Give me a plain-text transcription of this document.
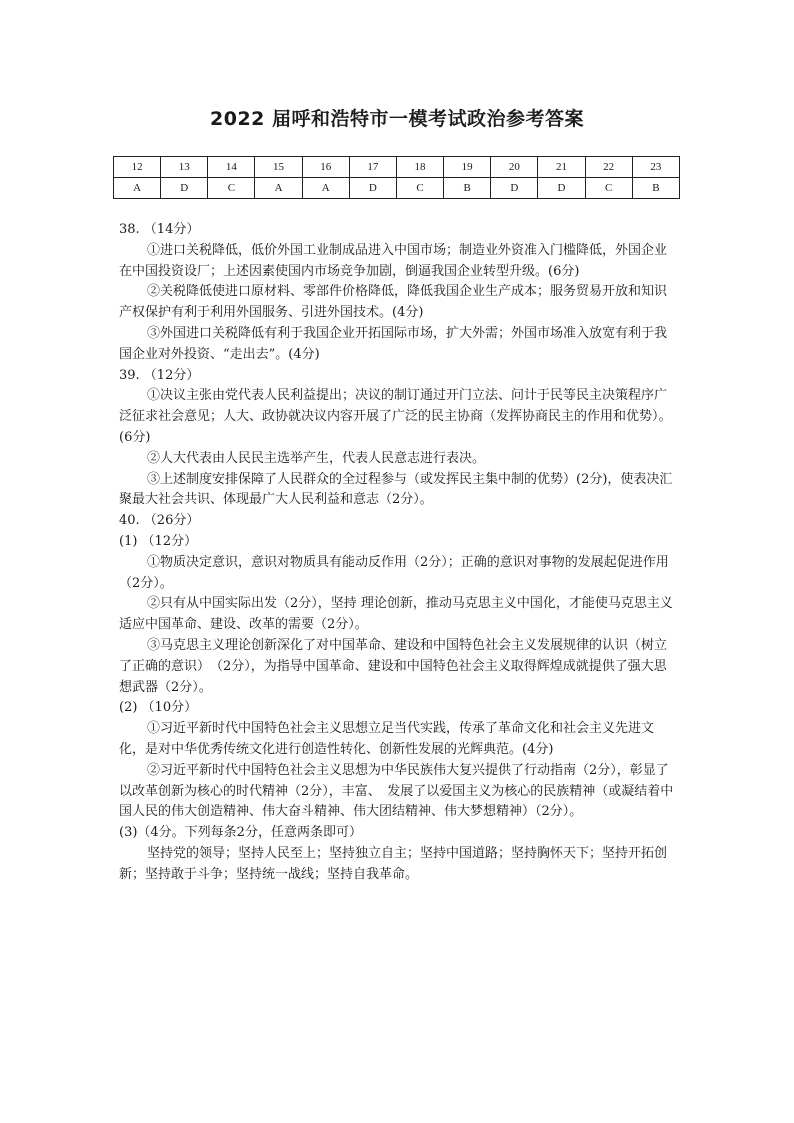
2022 届呼和浩特市一模考试政治参考答案
12	13	14	15	16	17	18	19	20	21	22	23
A	D	C	A	A	D	C	B	D	D	C	B

38. （14分）

①进口关税降低，低价外国工业制成品进入中国市场；制造业外资准入门槛降低，外国企业在中国投资设厂；上述因素使国内市场竞争加剧，倒逼我国企业转型升级。(6分)

②关税降低使进口原材料、零部件价格降低，降低我国企业生产成本；服务贸易开放和知识产权保护有利于利用外国服务、引进外国技术。(4分)

③外国进口关税降低有利于我国企业开拓国际市场，扩大外需；外国市场准入放宽有利于我国企业对外投资、“走出去”。(4分)

39. （12分）

①决议主张由党代表人民利益提出；决议的制订通过开门立法、问计于民等民主决策程序广泛征求社会意见；人大、政协就决议内容开展了广泛的民主协商（发挥协商民主的作用和优势）。(6分)

②人大代表由人民民主选举产生，代表人民意志进行表决。

③上述制度安排保障了人民群众的全过程参与（或发挥民主集中制的优势）(2分)，使表决汇聚最大社会共识、体现最广大人民利益和意志（2分）。

40. （26分）

(1) （12分）

①物质决定意识，意识对物质具有能动反作用（2分）；正确的意识对事物的发展起促进作用（2分）。

②只有从中国实际出发（2分），坚持 理论创新，推动马克思主义中国化，才能使马克思主义适应中国革命、建设、改革的需要（2分）。

③马克思主义理论创新深化了对中国革命、建设和中国特色社会主义发展规律的认识（树立　了正确的意识）　（2分），为指导中国革命、建设和中国特色社会主义取得辉煌成就提供了强大思想武器（2分）。

(2) （10分）

①习近平新时代中国特色社会主义思想立足当代实践，传承了革命文化和社会主义先进文化，是对中华优秀传统文化进行创造性转化、创新性发展的光辉典范。(4分)

②习近平新时代中国特色社会主义思想为中华民族伟大复兴提供了行动指南（2分），彰显了以改革创新为核心的时代精神（2分），丰富、　发展了以爱国主义为核心的民族精神（或凝结着中国人民的伟大创造精神、伟大奋斗精神、伟大团结精神、伟大梦想精神）（2分）。

(3)（4分。下列每条2分，任意两条即可）

坚持党的领导；坚持人民至上；坚持独立自主；坚持中国道路；坚持胸怀天下；坚持开拓创新；坚持敢于斗争；坚持统一战线；坚持自我革命。
